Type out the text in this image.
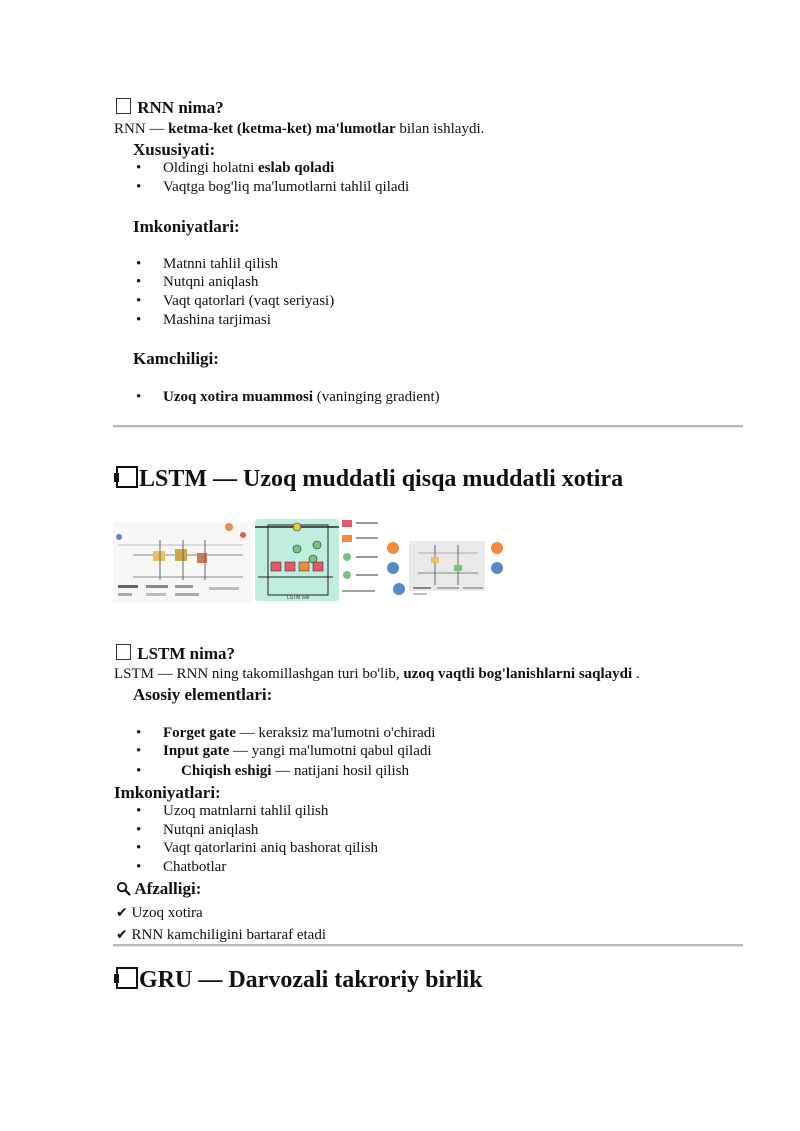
RNN nima?
RNN — ketma-ket (ketma-ket) ma'lumotlar bilan ishlaydi.
Xususiyati:
• Oldingi holatni eslab qoladi
• Vaqtga bog'liq ma'lumotlarni tahlil qiladi
Imkoniyatlari:
• Matnni tahlil qilish
• Nutqni aniqlash
• Vaqt qatorlari (vaqt seriyasi)
• Mashina tarjimasi
Kamchiligi:
• Uzoq xotira muammosi (vaninging gradient)
LSTM — Uzoq muddatli qisqa muddatli xotira
LSTM cell
LSTM nima?
LSTM — RNN ning takomillashgan turi bo'lib, uzoq vaqtli bog'lanishlarni saqlaydi .
Asosiy elementlari:
• Forget gate — keraksiz ma'lumotni o'chiradi
• Input gate — yangi ma'lumotni qabul qiladi
• Chiqish eshigi — natijani hosil qilish
Imkoniyatlari:
• Uzoq matnlarni tahlil qilish
• Nutqni aniqlash
• Vaqt qatorlarini aniq bashorat qilish
• Chatbotlar
Afzalligi:
✔ Uzoq xotira
✔ RNN kamchiligini bartaraf etadi
GRU — Darvozali takroriy birlik
